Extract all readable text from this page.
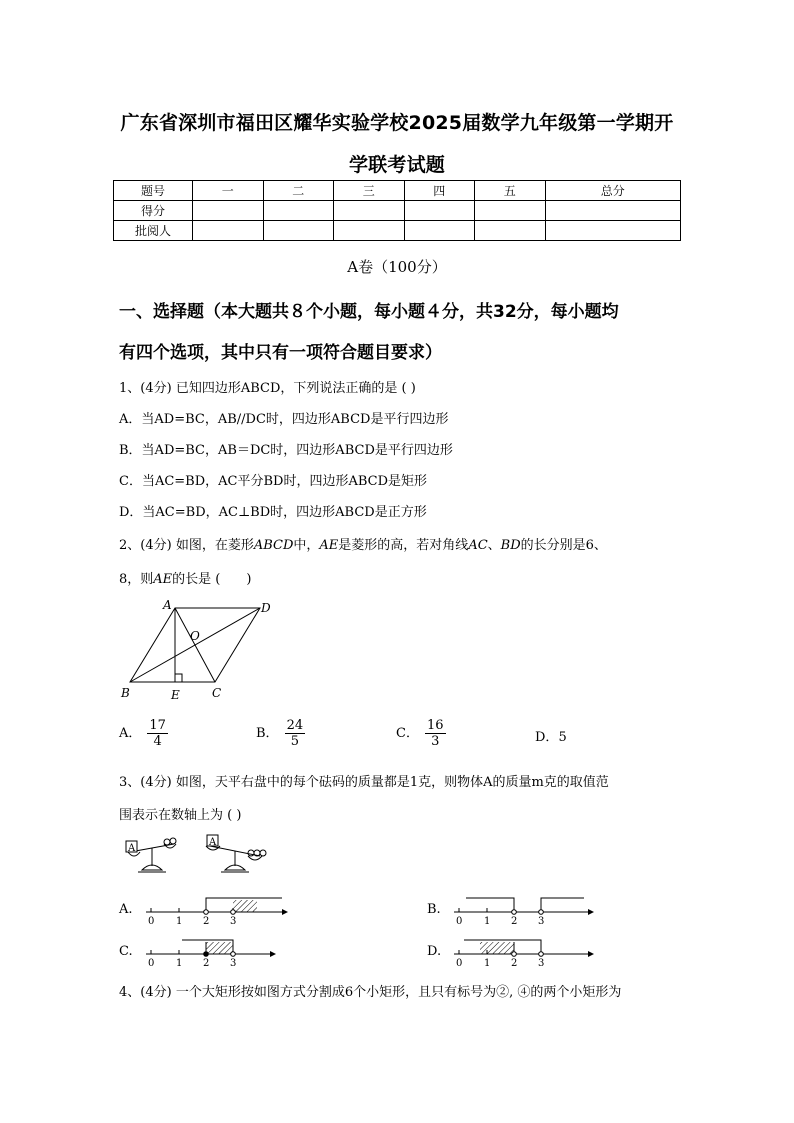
广东省深圳市福田区耀华实验学校2025届数学九年级第一学期开
学联考试题
题号	一	二	三	四	五	总分
得分						
批阅人						
A卷（100分）
一、选择题（本大题共８个小题，每小题４分，共32分，每小题均
有四个选项，其中只有一项符合题目要求）
1、(4分) 已知四边形ABCD，下列说法正确的是 ( )
A．当AD=BC，AB//DC时，四边形ABCD是平行四边形
B．当AD=BC，AB＝DC时，四边形ABCD是平行四边形
C．当AC=BD，AC平分BD时，四边形ABCD是矩形
D．当AC=BD，AC⊥BD时，四边形ABCD是正方形
2、(4分) 如图，在菱形ABCD中，AE是菱形的高，若对角线AC、BD的长分别是6、
8，则AE的长是 (　　)
A	D
O
B	E	C
A． $\frac{17}{4}$	B． $\frac{24}{5}$	C． $\frac{16}{3}$	D．5
3、(4分) 如图，天平右盘中的每个砝码的质量都是1克，则物体A的质量m克的取值范
围表示在数轴上为 ( )
A
A
A.
0 1 2 3
B.
0 1 2 3
C.
0 1 2 3
D.
0 1 2 3
4、(4分) 一个大矩形按如图方式分割成6个小矩形，且只有标号为②, ④的两个小矩形为
